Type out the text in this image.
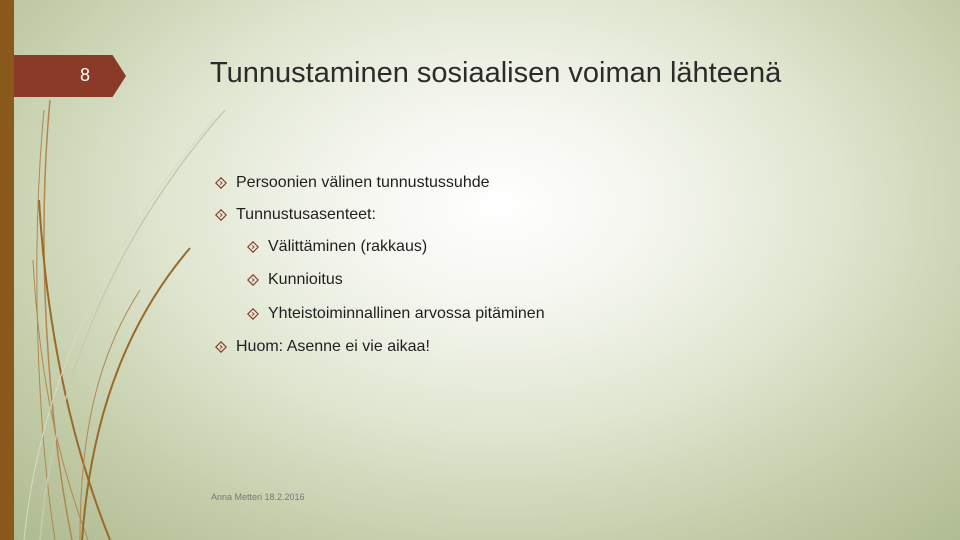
8	Tunnustaminen sosiaalisen voiman lähteenä
Persoonien välinen tunnustussuhde
Tunnustusasenteet:
Välittäminen (rakkaus)
Kunnioitus
Yhteistoiminnallinen arvossa pitäminen
Huom: Asenne ei vie aikaa!
Anna Metteri 18.2.2016
